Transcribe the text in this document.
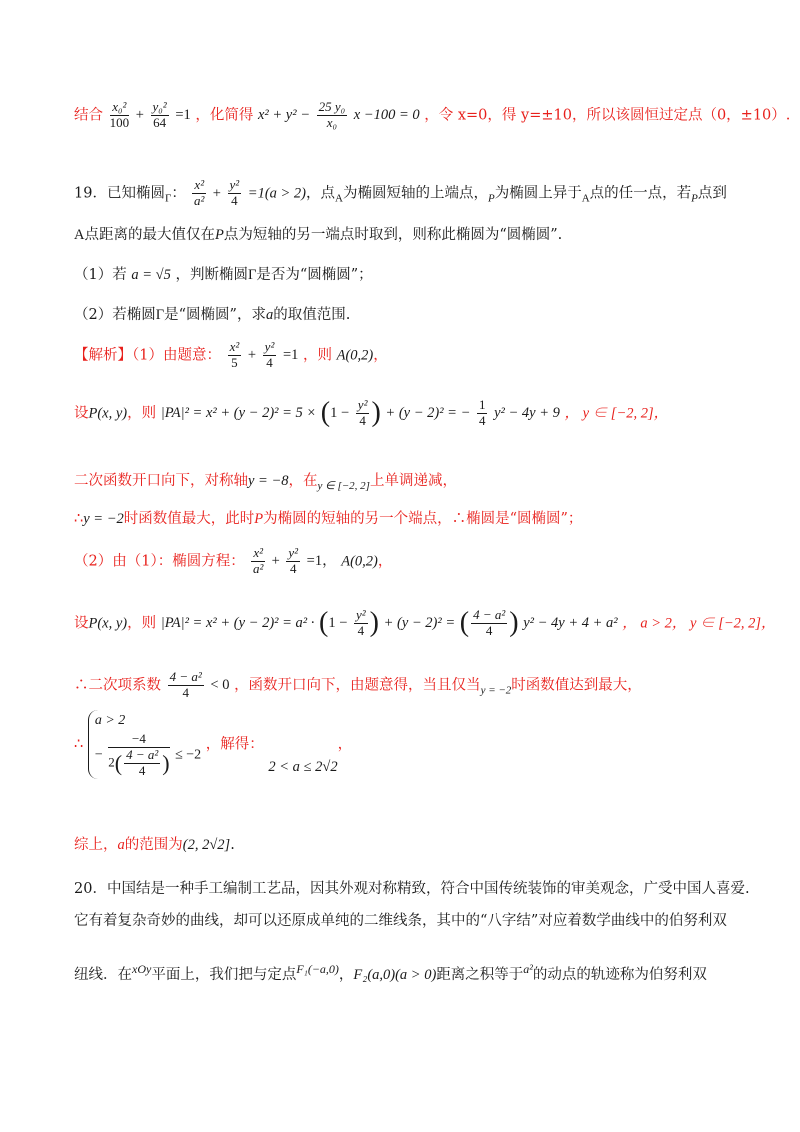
结合 $\frac{\text{x₀²}}{100} + \frac{\text{y₀²}}{64} =1$ ，化简得 $x^2 + y^2 - \frac{\text{25 y₀}}{\text{x₀}}$ x −100 = 0 ，令 x=0，得 y=±10，所以该圆恒过定点（0，±10）.
19．已知椭圆$_\Gamma$： $\frac{\text{x²}}{\text{a²}} + \frac{\text{y²}}{4} =1(a > 2)$，点$_A$为椭圆短轴的上端点，$_P$为椭圆上异于$_A$点的任一点，若$_P$点到
A点距离的最大值仅在P点为短轴的另一端点时取到，则称此椭圆为“圆椭圆”.
（1）若 a = √5 ，判断椭圆Γ是否为“圆椭圆”；
（2）若椭圆Γ是“圆椭圆”，求a的取值范围.
【解析】（1）由题意： $\frac{\text{x²}}{5} + \frac{\text{y²}}{4} =1$ ，则 A(0,2)，
设P(x, y)，则 $|PA|^2 = x^2 + (y - 2)^2 = 5 \times (1 - \frac{\text{y²}}{4}$ ) + (y − 2)² = − $\frac{1}{4} y^2 - 4y + 9$ ， y ∈ [−2, 2]，
二次函数开口向下，对称轴y = −8，在$_{y \in [-2, 2]}$上单调递减，
∴y = −2时函数值最大，此时P为椭圆的短轴的另一个端点，∴椭圆是“圆椭圆”；
（2）由（1）：椭圆方程： $\frac{\text{x²}}{\text{a²}} + \frac{\text{y²}}{4} =1$， A(0,2)，
设P(x, y)，则 $|PA|^2 = x^2 + (y - 2)^2 = a^2 \cdot (1 - \frac{\text{y²}}{4}$ ) + (y − 2)² = ( $\frac{\text{4 − a²}}{4}$ ) y² − 4y + 4 + a² ， a > 2， y ∈ [−2, 2]，
∴二次项系数 $\frac{\text{4 − a²}}{4} < 0$ ，函数开口向下，由题意得，当且仅当$_{y = -2}$时函数值达到最大，
∴
a > 2
− $\frac{-4}{2( \frac{\text{4 − a²}}{4} )} \le -2$
，解得： 2 < a ≤ 2√2，
综上，a的范围为(2, 2√2].
20．中国结是一种手工编制工艺品，因其外观对称精致，符合中国传统装饰的审美观念，广受中国人喜爱.
它有着复杂奇妙的曲线，却可以还原成单纯的二维线条，其中的“八字结”对应着数学曲线中的伯努利双
纽线．在$^{xOy}$平面上，我们把与定点$^{F_1(-a,0)}$，F₂(a,0)(a > 0)距离之积等于$^{a^2}$的动点的轨迹称为伯努利双
